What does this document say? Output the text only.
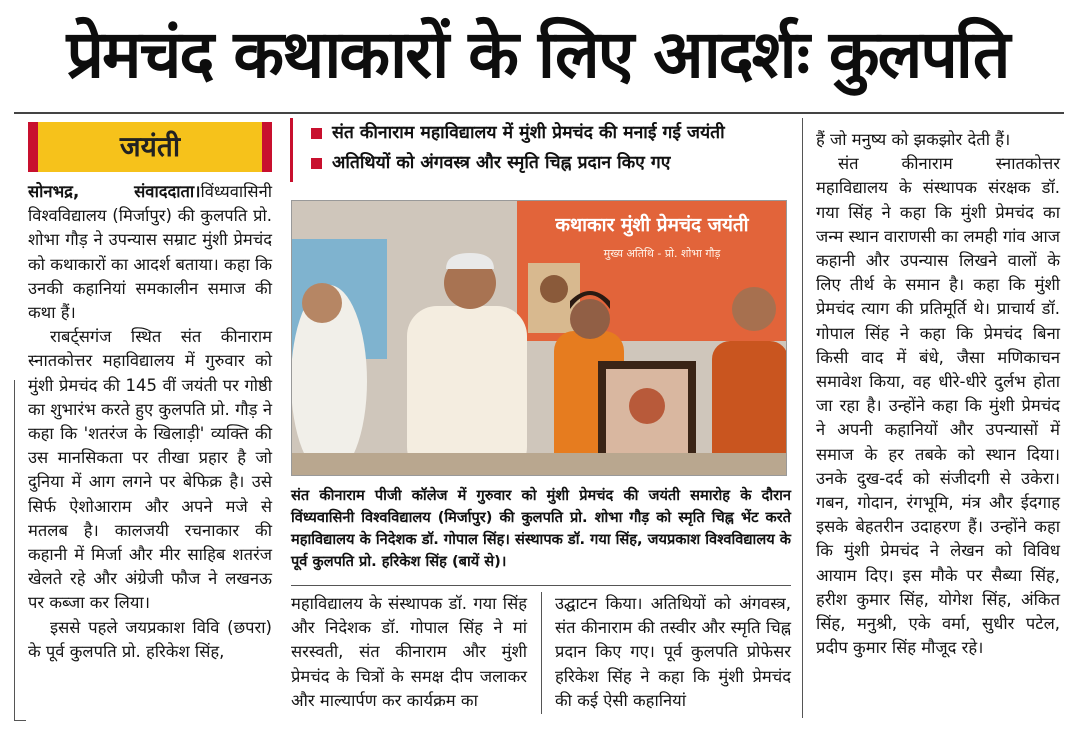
प्रेमचंद कथाकारों के लिए आदर्शः कुलपति
जयंती

सोनभद्र, संवाददाता।विंध्यवासिनी विश्वविद्यालय (मिर्जापुर) की कुलपति प्रो. शोभा गौड़ ने उपन्यास सम्राट मुंशी प्रेमचंद को कथाकारों का आदर्श बताया। कहा कि उनकी कहानियां समकालीन समाज की कथा हैं।

राबर्ट्सगंज स्थित संत कीनाराम स्नातकोत्तर महाविद्यालय में गुरुवार को मुंशी प्रेमचंद की 145 वीं जयंती पर गोष्ठी का शुभारंभ करते हुए कुलपति प्रो. गौड़ ने कहा कि 'शतरंज के खिलाड़ी' व्यक्ति की उस मानसिकता पर तीखा प्रहार है जो दुनिया में आग लगने पर बेफिक्र है। उसे सिर्फ ऐशोआराम और अपने मजे से मतलब है। कालजयी रचनाकार की कहानी में मिर्जा और मीर साहिब शतरंज खेलते रहे और अंग्रेजी फौज ने लखनऊ पर कब्जा कर लिया।

इससे पहले जयप्रकाश विवि (छपरा) के पूर्व कुलपति प्रो. हरिकेश सिंह,

संत कीनाराम महाविद्यालय में मुंशी प्रेमचंद की मनाई गई जयंती
अतिथियों को अंगवस्त्र और स्मृति चिह्न प्रदान किए गए
कथाकार मुंशी प्रेमचंद जयंती
मुख्य अतिथि - प्रो. शोभा गौड़
संत कीनाराम पीजी कॉलेज में गुरुवार को मुंशी प्रेमचंद की जयंती समारोह के दौरान विंध्यवासिनी विश्वविद्यालय (मिर्जापुर) की कुलपति प्रो. शोभा गौड़ को स्मृति चिह्न भेंट करते महाविद्यालय के निदेशक डॉ. गोपाल सिंह। संस्थापक डॉ. गया सिंह, जयप्रकाश विश्वविद्यालय के पूर्व कुलपति प्रो. हरिकेश सिंह (बायें से)।

महाविद्यालय के संस्थापक डॉ. गया सिंह और निदेशक डॉ. गोपाल सिंह ने मां सरस्वती, संत कीनाराम और मुंशी प्रेमचंद के चित्रों के समक्ष दीप जलाकर और माल्यार्पण कर कार्यक्रम का

उद्घाटन किया। अतिथियों को अंगवस्त्र, संत कीनाराम की तस्वीर और स्मृति चिह्न प्रदान किए गए। पूर्व कुलपति प्रोफेसर हरिकेश सिंह ने कहा कि मुंशी प्रेमचंद की कई ऐसी कहानियां

हैं जो मनुष्य को झकझोर देती हैं।

संत कीनाराम स्नातकोत्तर महाविद्यालय के संस्थापक संरक्षक डॉ. गया सिंह ने कहा कि मुंशी प्रेमचंद का जन्म स्थान वाराणसी का लमही गांव आज कहानी और उपन्यास लिखने वालों के लिए तीर्थ के समान है। कहा कि मुंशी प्रेमचंद त्याग की प्रतिमूर्ति थे। प्राचार्य डॉ. गोपाल सिंह ने कहा कि प्रेमचंद बिना किसी वाद में बंधे, जैसा मणिकाचन समावेश किया, वह धीरे-धीरे दुर्लभ होता जा रहा है। उन्होंने कहा कि मुंशी प्रेमचंद ने अपनी कहानियों और उपन्यासों में समाज के हर तबके को स्थान दिया। उनके दुख-दर्द को संजीदगी से उकेरा। गबन, गोदान, रंगभूमि, मंत्र और ईदगाह इसके बेहतरीन उदाहरण हैं। उन्होंने कहा कि मुंशी प्रेमचंद ने लेखन को विविध आयाम दिए। इस मौके पर सैब्या सिंह, हरीश कुमार सिंह, योगेश सिंह, अंकित सिंह, मनुश्री, एके वर्मा, सुधीर पटेल, प्रदीप कुमार सिंह मौजूद रहे।
